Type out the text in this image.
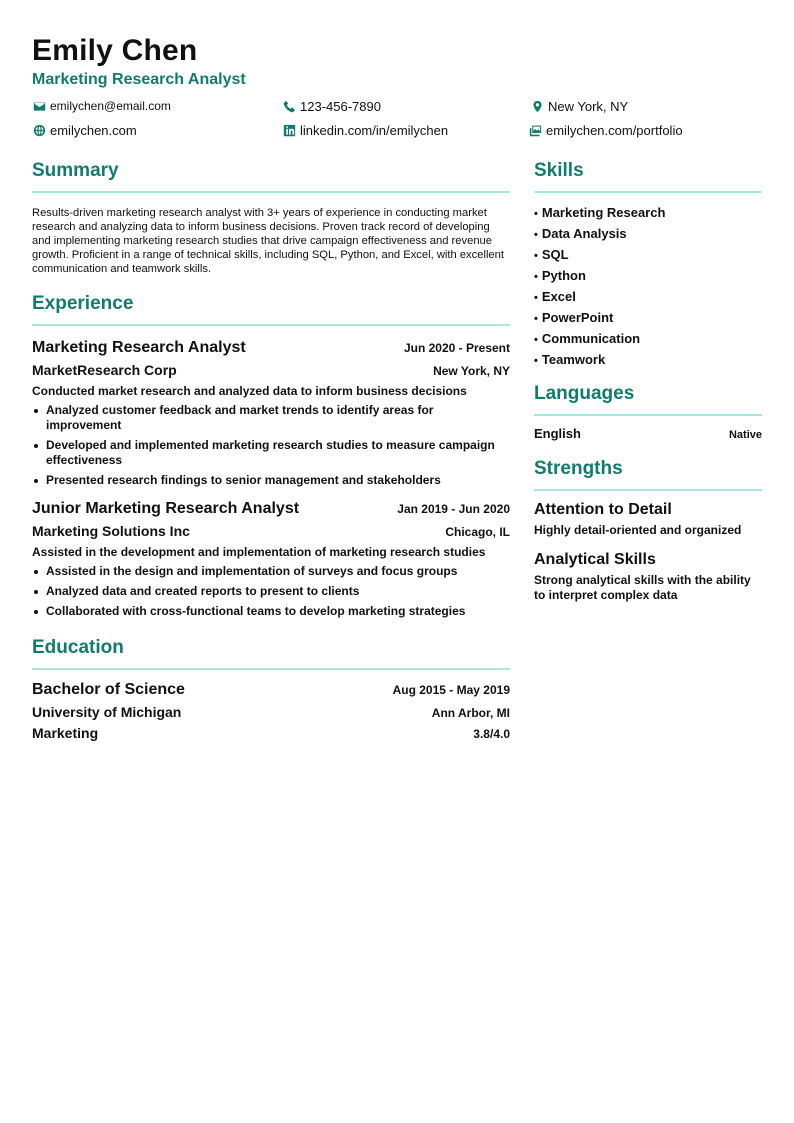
Emily Chen
Marketing Research Analyst
emilychen@email.com	123-456-7890	New York, NY
emilychen.com	linkedin.com/in/emilychen	emilychen.com/portfolio
Summary

Results-driven marketing research analyst with 3+ years of experience in conducting market research and analyzing data to inform business decisions. Proven track record of developing and implementing marketing research studies that drive campaign effectiveness and revenue growth. Proficient in a range of technical skills, including SQL, Python, and Excel, with excellent communication and teamwork skills.

Experience
Marketing Research Analyst	Jun 2020 - Present
MarketResearch Corp	New York, NY
Conducted market research and analyzed data to inform business decisions
Analyzed customer feedback and market trends to identify areas for improvement
Developed and implemented marketing research studies to measure campaign effectiveness
Presented research findings to senior management and stakeholders
Junior Marketing Research Analyst	Jan 2019 - Jun 2020
Marketing Solutions Inc	Chicago, IL
Assisted in the development and implementation of marketing research studies
Assisted in the design and implementation of surveys and focus groups
Analyzed data and created reports to present to clients
Collaborated with cross-functional teams to develop marketing strategies
Education
Bachelor of Science	Aug 2015 - May 2019
University of Michigan	Ann Arbor, MI
Marketing	3.8/4.0
Skills
• Marketing Research
• Data Analysis
• SQL
• Python
• Excel
• PowerPoint
• Communication
• Teamwork
Languages
English	Native
Strengths
Attention to Detail
Highly detail-oriented and organized
Analytical Skills
Strong analytical skills with the ability to interpret complex data
